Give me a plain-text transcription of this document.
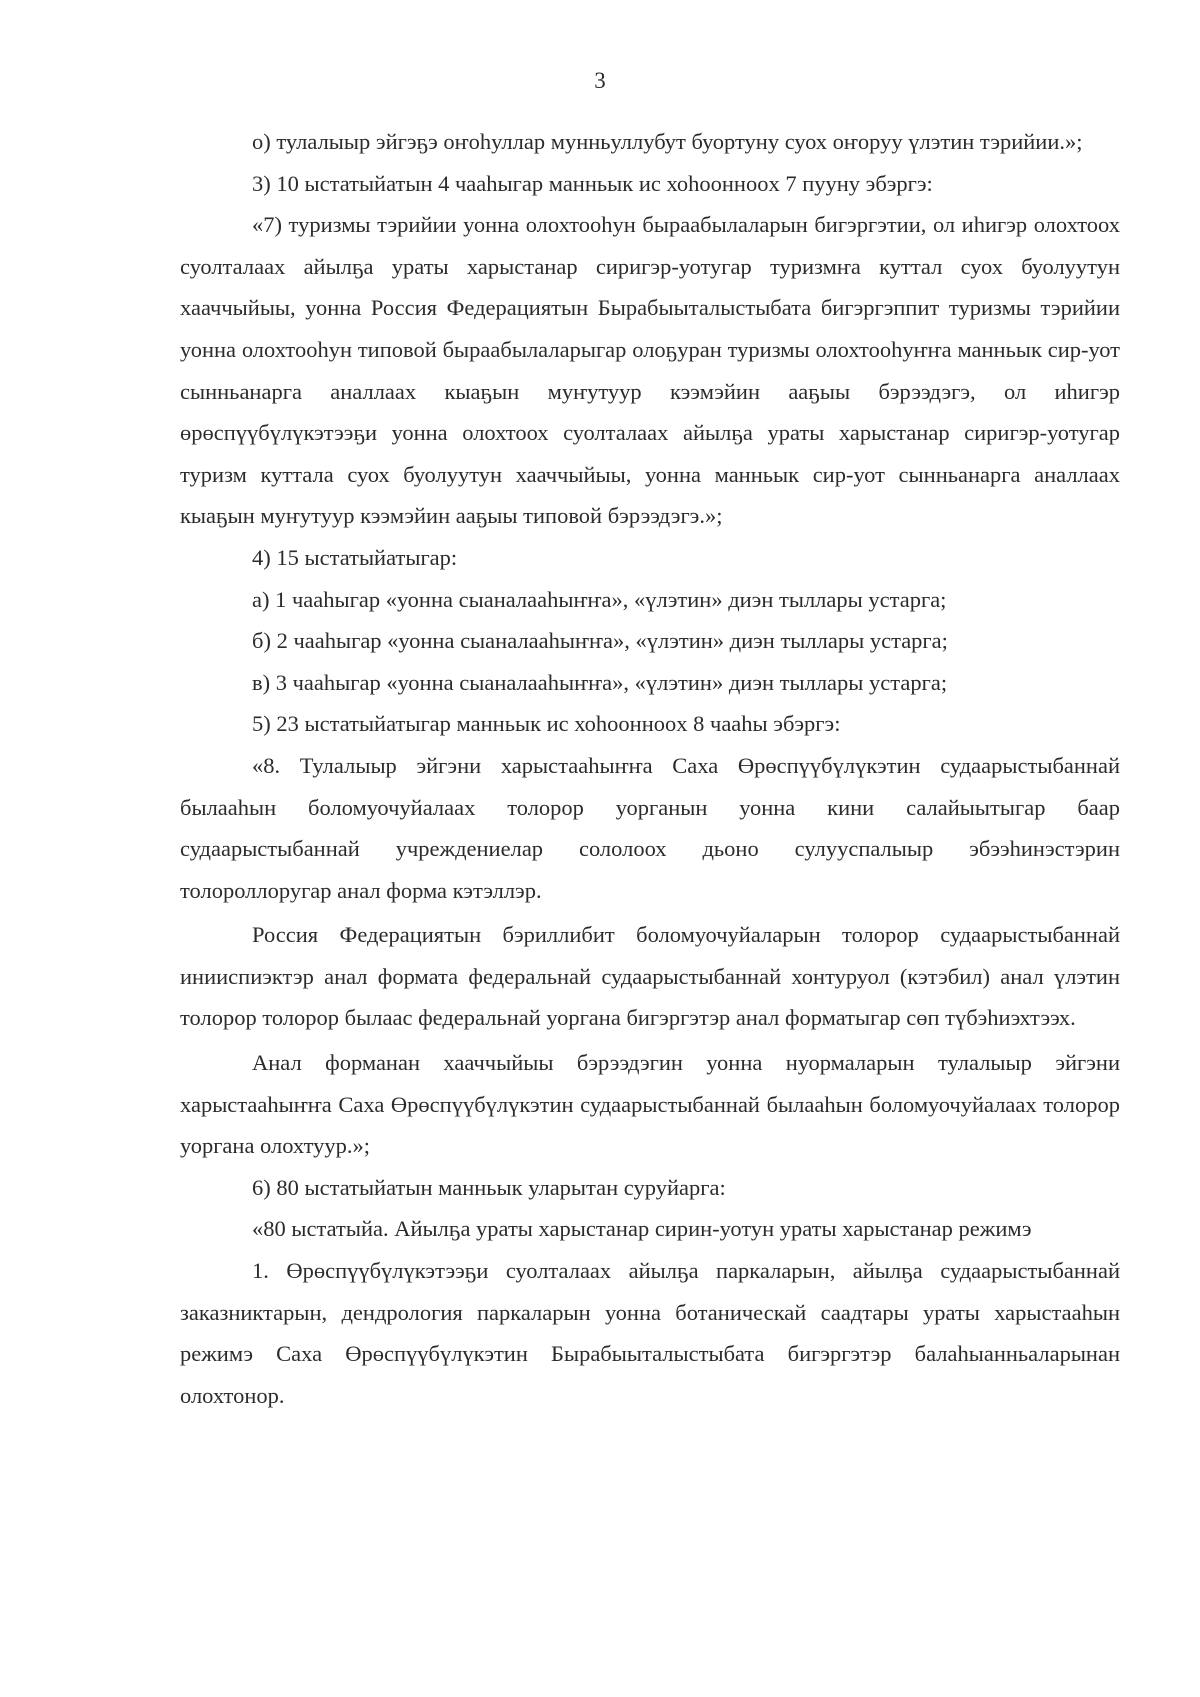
3

о) тулалыыр эйгэҕэ оҥоһуллар мунньуллубут буортуну суох оҥоруу үлэтин тэрийии.»;

3) 10 ыстатыйатын 4 чааһыгар манньык ис хоһооннооx 7 пууну эбэргэ:

«7) туризмы тэрийии уонна олохтооһун быраабылаларын бигэргэтии, ол иһигэр олохтоох суолталаах айылҕа ураты харыстанар сиригэр-уотугар туризмҥа куттал суох буолуутун хааччыйыы, уонна Россия Федерациятын Бырабыыталыстыбата бигэргэппит туризмы тэрийии уонна олохтооһун типовой быраабылаларыгар олоҕуран туризмы олохтооһуҥҥа манньык сир-уот сынньанарга аналлаах кыаҕын муҥутуур кээмэйин ааҕыы бэрээдэгэ, ол иһигэр өрөспүүбүлүкэтээҕи уонна олохтоох суолталаах айылҕа ураты харыстанар сиригэр-уотугар туризм куттала суох буолуутун хааччыйыы, уонна манньык сир-уот сынньанарга аналлаах кыаҕын муҥутуур кээмэйин ааҕыы типовой бэрээдэгэ.»;

4) 15 ыстатыйатыгар:

а) 1 чааһыгар «уонна сыаналааһыҥҥа», «үлэтин» диэн тыллары устарга;

б) 2 чааһыгар «уонна сыаналааһыҥҥа», «үлэтин» диэн тыллары устарга;

в) 3 чааһыгар «уонна сыаналааһыҥҥа», «үлэтин» диэн тыллары устарга;

5) 23 ыстатыйатыгар манньык ис хоһооннооx 8 чааһы эбэргэ:

«8. Тулалыыр эйгэни харыстааһыҥҥа Саха Өрөспүүбүлүкэтин судаарыстыбаннай былааһын боломуочуйалаах толорор уорганын уонна кини салайыытыгар баар судаарыстыбаннай учреждениелар сололоох дьоно сулууспалыыр эбээһинэстэрин толороллоругар анал форма кэтэллэр.

Россия Федерациятын бэриллибит боломуочуйаларын толорор судаарыстыбаннай инииспиэктэр анал формата федеральнай судаарыстыбаннай хонтуруол (кэтэбил) анал үлэтин толорор толорор былаас федеральнай уоргана бигэргэтэр анал форматыгар сөп түбэһиэхтээх.

Анал форманан хааччыйыы бэрээдэгин уонна нуормаларын тулалыыр эйгэни харыстааһыҥҥа Саха Өрөспүүбүлүкэтин судаарыстыбаннай былааһын боломуочуйалаах толорор уоргана олохтуур.»;

6) 80 ыстатыйатын манньык уларытан суруйарга:

«80 ыстатыйа. Айылҕа ураты харыстанар сирин-уотун ураты харыстанар режимэ

1. Өрөспүүбүлүкэтээҕи суолталаах айылҕа паркаларын, айылҕа судаарыстыбаннай заказниктарын, дендрология паркаларын уонна ботаническай саадтары ураты харыстааһын режимэ Саха Өрөспүүбүлүкэтин Бырабыыталыстыбата бигэргэтэр балаһыанньаларынан олохтонор.
